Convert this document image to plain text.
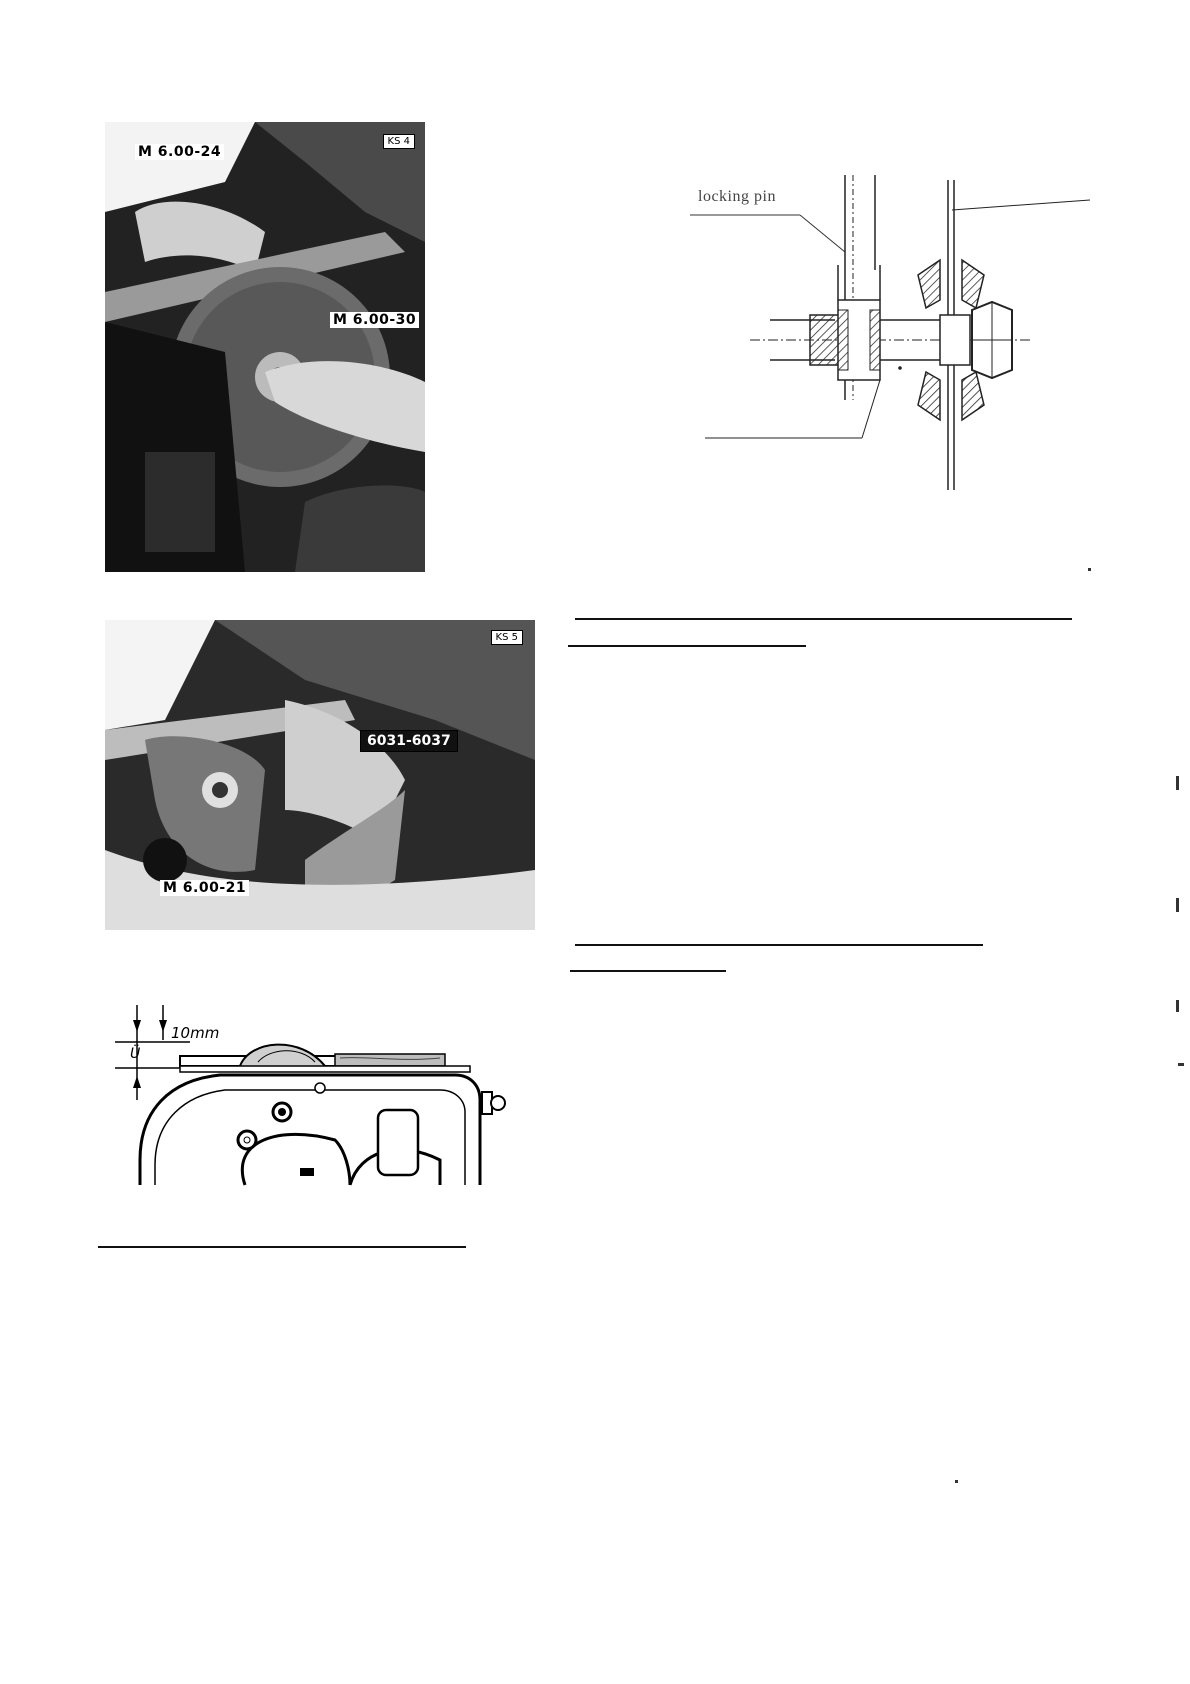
KS 4
M 6.00-24
M 6.00-30
KS 5
6031-6037
M 6.00-21
locking pin
10mm
Ü
